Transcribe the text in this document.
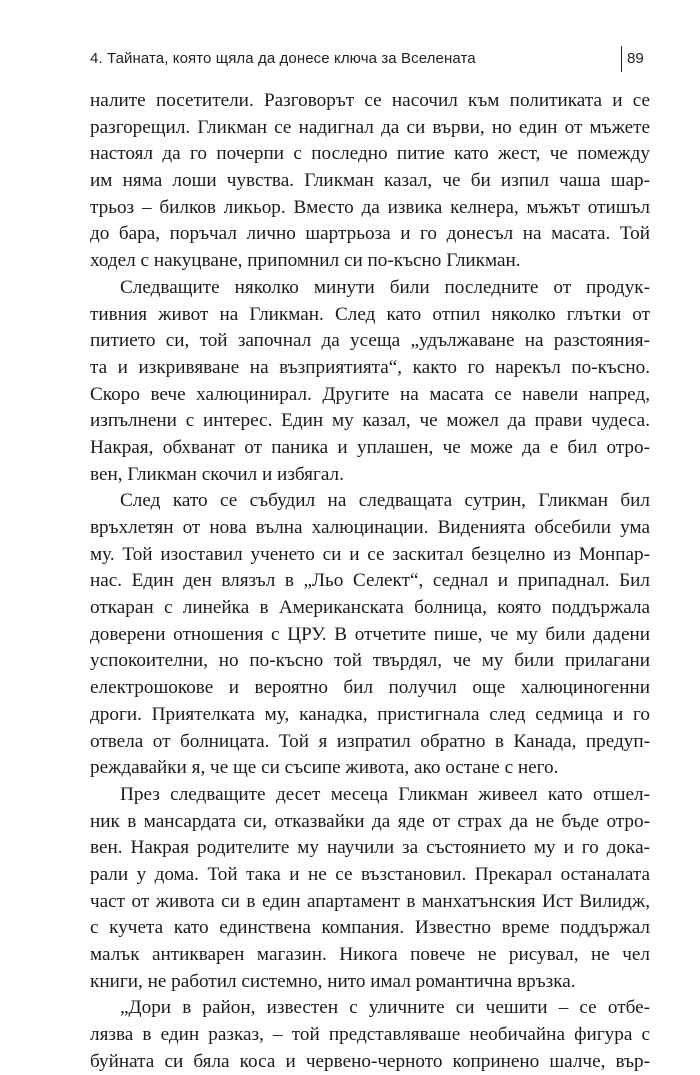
4. Тайната, която щяла да донесе ключа за Вселената	89
налите посетители. Разговорът се насочил към политиката и се
разгорещил. Гликман се надигнал да си върви, но един от мъжете
настоял да го почерпи с последно питие като жест, че помежду
им няма лоши чувства. Гликман казал, че би изпил чаша шар-
трьоз – билков ликьор. Вместо да извика келнера, мъжът отишъл
до бара, поръчал лично шартрьоза и го донесъл на масата. Той
ходел с накуцване, припомнил си по-късно Гликман.
Следващите няколко минути били последните от продук-
тивния живот на Гликман. След като отпил няколко глътки от
питието си, той започнал да усеща „удължаване на разстояния-
та и изкривяване на възприятията“, както го нарекъл по-късно.
Скоро вече халюцинирал. Другите на масата се навели напред,
изпълнени с интерес. Един му казал, че можел да прави чудеса.
Накрая, обхванат от паника и уплашен, че може да е бил отро-
вен, Гликман скочил и избягал.
След като се събудил на следващата сутрин, Гликман бил
връхлетян от нова вълна халюцинации. Виденията обсебили ума
му. Той изоставил ученето си и се заскитал безцелно из Монпар-
нас. Един ден влязъл в „Льо Селект“, седнал и припаднал. Бил
откаран с линейка в Американската болница, която поддържала
доверени отношения с ЦРУ. В отчетите пише, че му били дадени
успокоителни, но по-късно той твърдял, че му били прилагани
електрошокове и вероятно бил получил още халюциногенни
дроги. Приятелката му, канадка, пристигнала след седмица и го
отвела от болницата. Той я изпратил обратно в Канада, предуп-
реждавайки я, че ще си съсипе живота, ако остане с него.
През следващите десет месеца Гликман живеел като отшел-
ник в мансардата си, отказвайки да яде от страх да не бъде отро-
вен. Накрая родителите му научили за състоянието му и го дока-
рали у дома. Той така и не се възстановил. Прекарал останалата
част от живота си в един апартамент в манхатънския Ист Вилидж,
с кучета като единствена компания. Известно време поддържал
малък антикварен магазин. Никога повече не рисувал, не чел
книги, не работил системно, нито имал романтична връзка.
„Дори в район, известен с уличните си чешити – се отбе-
лязва в един разказ, – той представляваше необичайна фигура с
буйната си бяла коса и червено-черното копринено шалче, вър-
